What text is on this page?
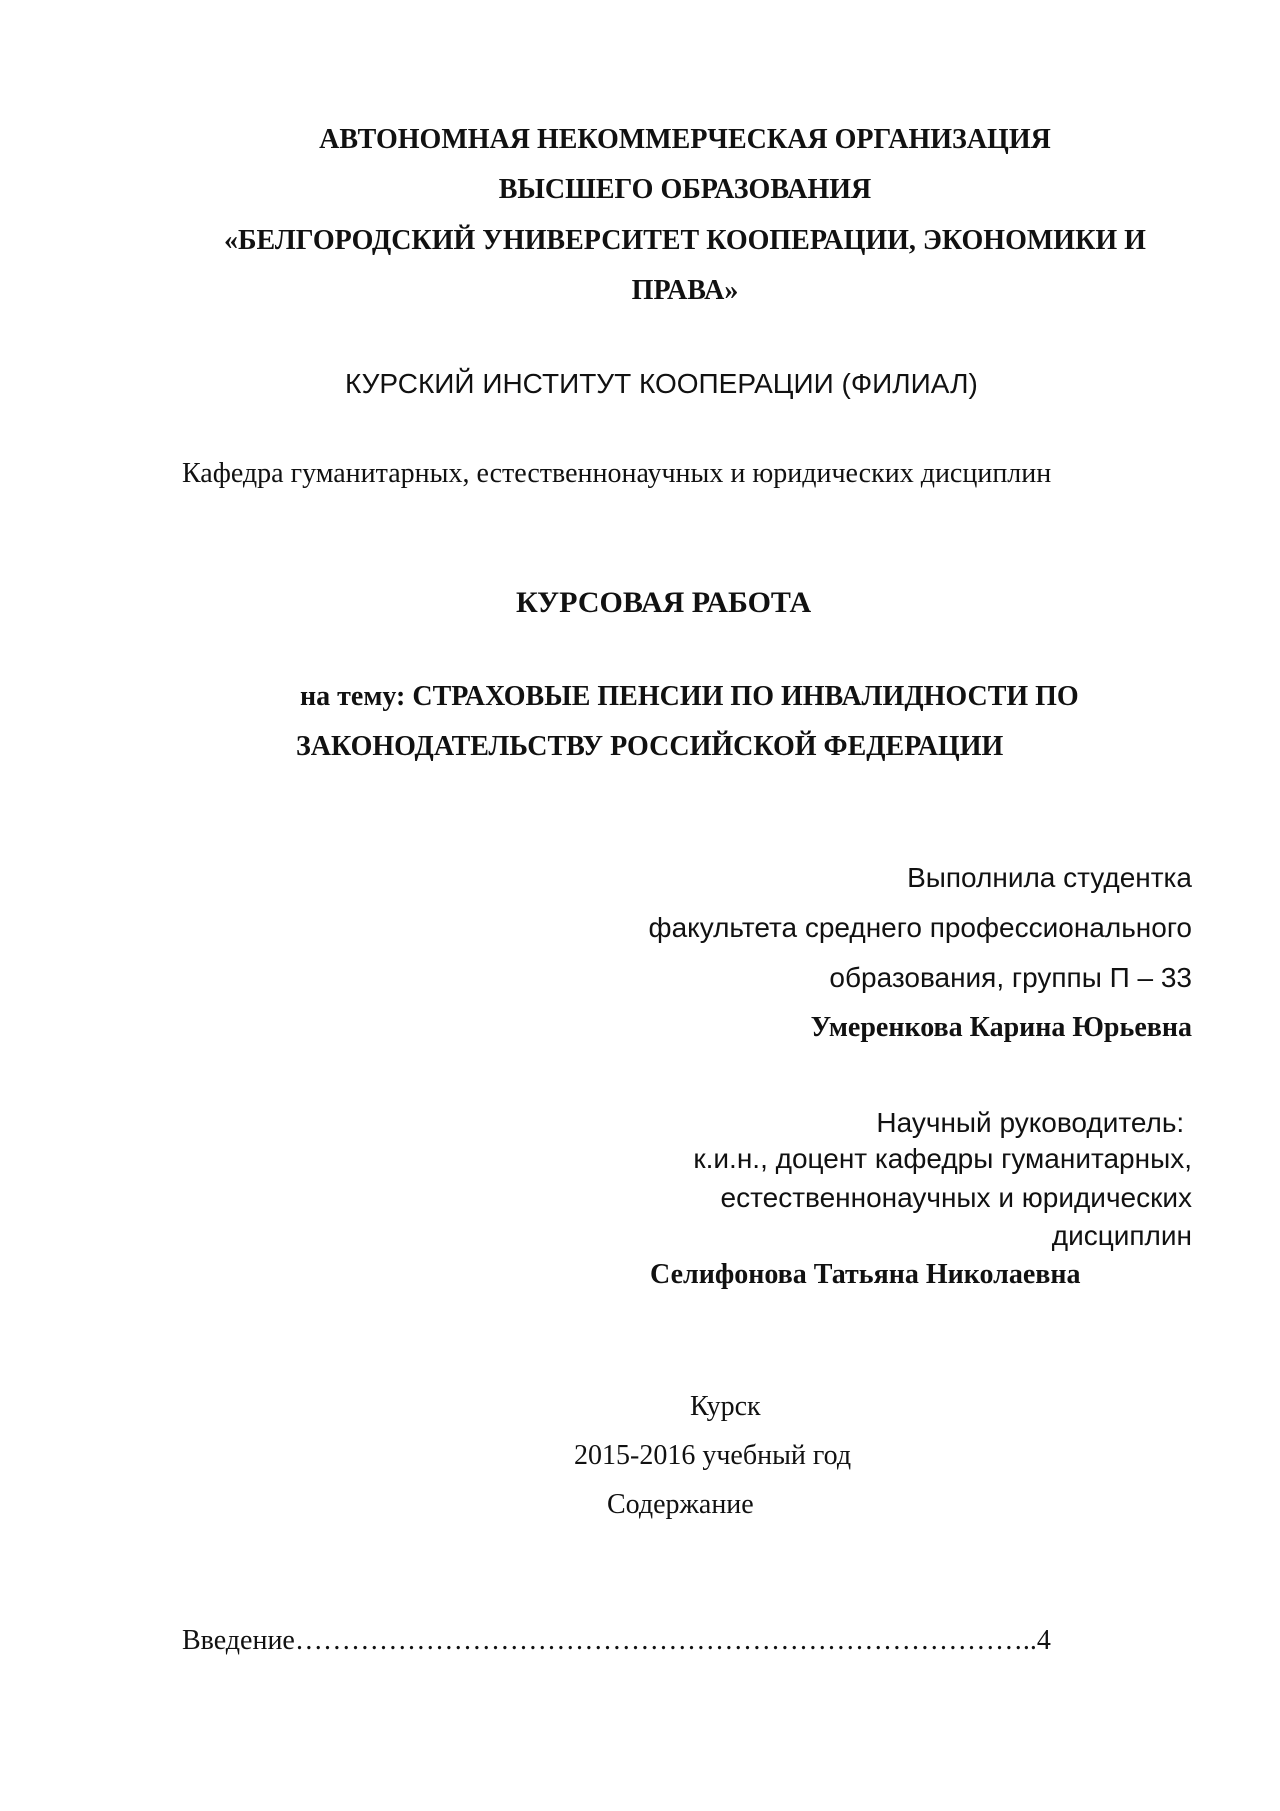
АВТОНОМНАЯ НЕКОММЕРЧЕСКАЯ ОРГАНИЗАЦИЯ
ВЫСШЕГО ОБРАЗОВАНИЯ
«БЕЛГОРОДСКИЙ УНИВЕРСИТЕТ КООПЕРАЦИИ, ЭКОНОМИКИ И
ПРАВА»
КУРСКИЙ ИНСТИТУТ КООПЕРАЦИИ (ФИЛИАЛ)
Кафедра гуманитарных, естественнонаучных и юридических дисциплин
КУРСОВАЯ РАБОТА
на тему: СТРАХОВЫЕ ПЕНСИИ ПО ИНВАЛИДНОСТИ ПО
ЗАКОНОДАТЕЛЬСТВУ РОССИЙСКОЙ ФЕДЕРАЦИИ
Выполнила студентка
факультета среднего профессионального
образования, группы П – 33
Умеренкова Карина Юрьевна
Научный руководитель:
к.и.н., доцент кафедры гуманитарных,
естественнонаучных и юридических
дисциплин
Селифонова Татьяна Николаевна
Курск
2015-2016 учебный год
Содержание
Введение……………………………………………………………………..4
